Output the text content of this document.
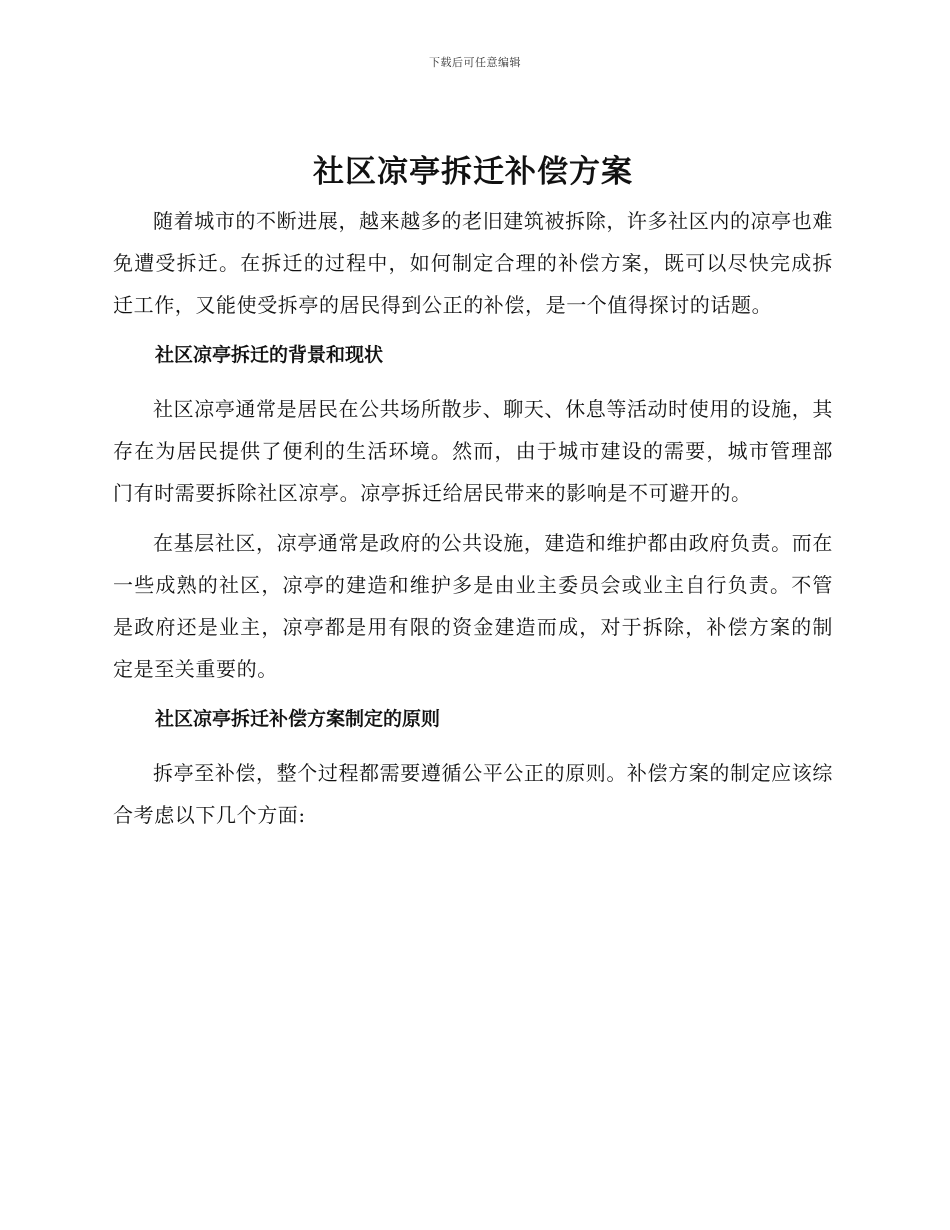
下载后可任意编辑
社区凉亭拆迁补偿方案

随着城市的不断进展，越来越多的老旧建筑被拆除，许多社区内的凉亭也难免遭受拆迁。在拆迁的过程中，如何制定合理的补偿方案，既可以尽快完成拆迁工作，又能使受拆亭的居民得到公正的补偿，是一个值得探讨的话题。

社区凉亭拆迁的背景和现状

社区凉亭通常是居民在公共场所散步、聊天、休息等活动时使用的设施，其存在为居民提供了便利的生活环境。然而，由于城市建设的需要，城市管理部门有时需要拆除社区凉亭。凉亭拆迁给居民带来的影响是不可避开的。

在基层社区，凉亭通常是政府的公共设施，建造和维护都由政府负责。而在一些成熟的社区，凉亭的建造和维护多是由业主委员会或业主自行负责。不管是政府还是业主，凉亭都是用有限的资金建造而成，对于拆除，补偿方案的制定是至关重要的。

社区凉亭拆迁补偿方案制定的原则

拆亭至补偿，整个过程都需要遵循公平公正的原则。补偿方案的制定应该综合考虑以下几个方面:
